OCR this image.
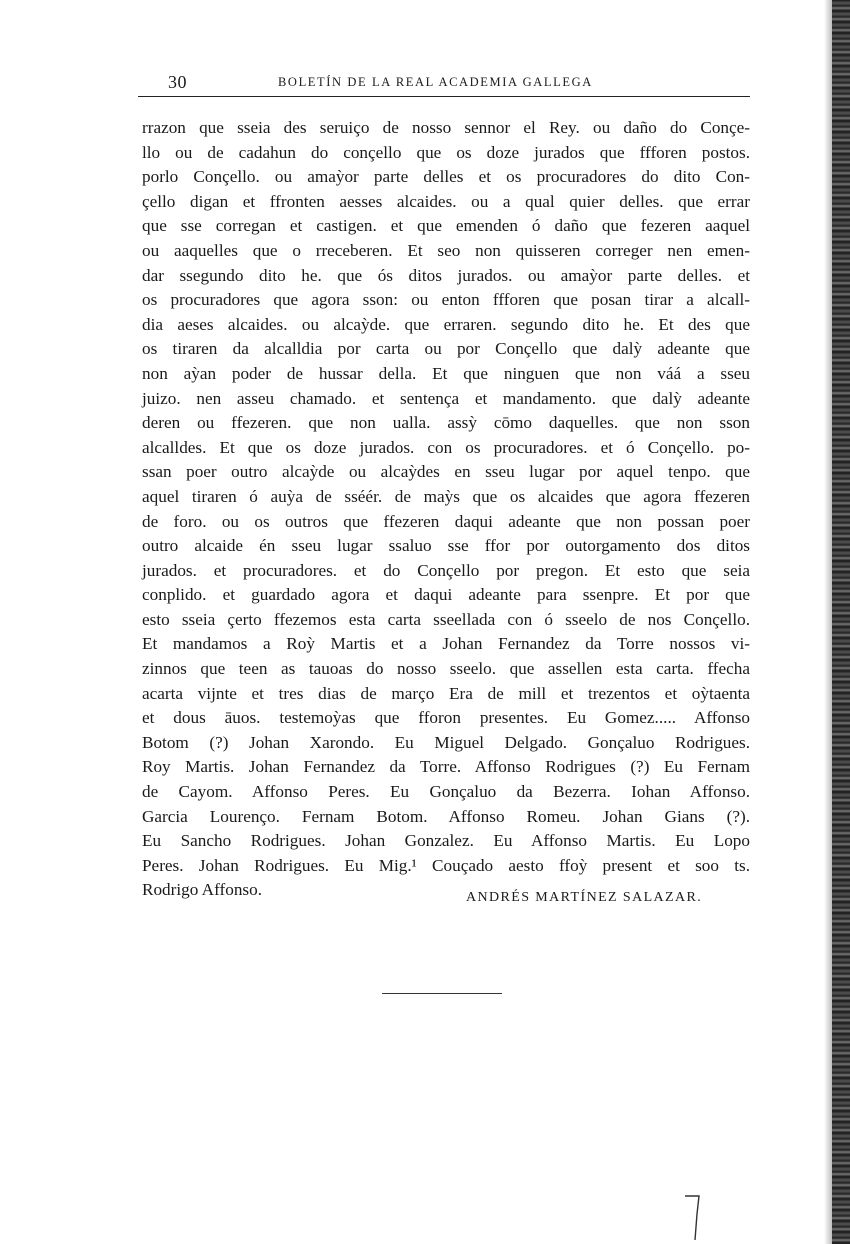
30	BOLETÍN DE LA REAL ACADEMIA GALLEGA
rrazon que sseia des seruiço de nosso sennor el Rey. ou daño do Conçe-
llo ou de cadahun do conçello que os doze jurados que ffforen postos.
porlo Conçello. ou amaỳor parte delles et os procuradores do dito Con-
çello digan et ffronten aesses alcaides. ou a qual quier delles. que errar
que sse corregan et castigen. et que emenden ó daño que fezeren aaquel
ou aaquelles que o rreceberen. Et seo non quisseren correger nen emen-
dar ssegundo dito he. que ós ditos jurados. ou amaỳor parte delles. et
os procuradores que agora sson: ou enton ffforen que posan tirar a alcall-
dia aeses alcaides. ou alcaỳde. que erraren. segundo dito he. Et des que
os tiraren da alcalldia por carta ou por Conçello que dalỳ adeante que
non aỳan poder de hussar della. Et que ninguen que non váá a sseu
juizo. nen asseu chamado. et sentença et mandamento. que dalỳ adeante
deren ou ffezeren. que non ualla. assỳ cōmo daquelles. que non sson
alcalldes. Et que os doze jurados. con os procuradores. et ó Conçello. po-
ssan poer outro alcaỳde ou alcaỳdes en sseu lugar por aquel tenpo. que
aquel tiraren ó auỳa de sséér. de maỳs que os alcaides que agora ffezeren
de foro. ou os outros que ffezeren daqui adeante que non possan poer
outro alcaide én sseu lugar ssaluo sse ffor por outorgamento dos ditos
jurados. et procuradores. et do Conçello por pregon. Et esto que seia
conplido. et guardado agora et daqui adeante para ssenpre. Et por que
esto sseia çerto ffezemos esta carta sseellada con ó sseelo de nos Conçello.
Et mandamos a Roỳ Martis et a Johan Fernandez da Torre nossos vi-
zinnos que teen as tauoas do nosso sseelo. que assellen esta carta. ffecha
acarta vijnte et tres dias de março Era de mill et trezentos et oỳtaenta
et dous āuos. testemoỳas que fforon presentes. Eu Gomez..... Affonso
Botom (?) Johan Xarondo. Eu Miguel Delgado. Gonçaluo Rodrigues.
Roy Martis. Johan Fernandez da Torre. Affonso Rodrigues (?) Eu Fernam
de Cayom. Affonso Peres. Eu Gonçaluo da Bezerra. Iohan Affonso.
Garcia Lourenço. Fernam Botom. Affonso Romeu. Johan Gians (?).
Eu Sancho Rodrigues. Johan Gonzalez. Eu Affonso Martis. Eu Lopo
Peres. Johan Rodrigues. Eu Mig.¹ Couçado aesto ffoỳ present et soo ts.
Rodrigo Affonso.	ANDRÉS MARTÍNEZ SALAZAR.
